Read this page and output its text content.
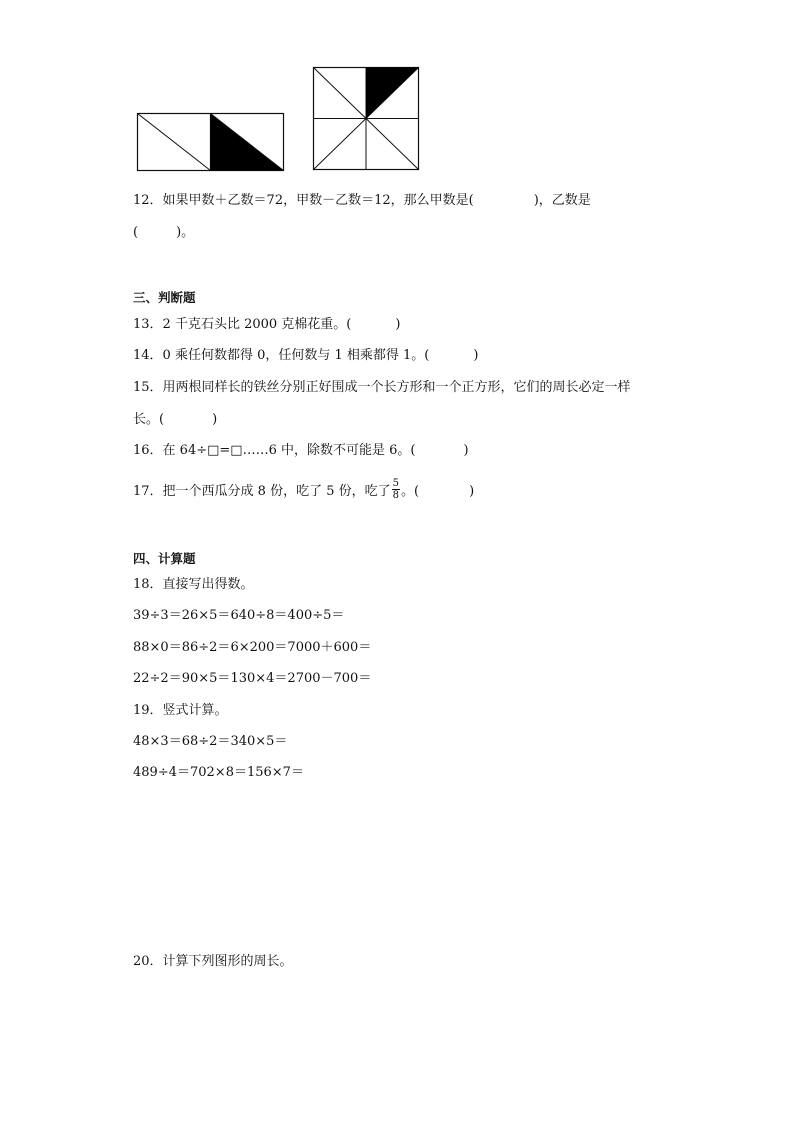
12．如果甲数＋乙数＝72，甲数－乙数＝12，那么甲数是(	)，乙数是
(	)。
三、判断题
13．2 千克石头比 2000 克棉花重。(	)
14．0 乘任何数都得 0，任何数与 1 相乘都得 1。(	)
15．用两根同样长的铁丝分别正好围成一个长方形和一个正方形，它们的周长必定一样
长。(	)
16．在 64÷□=□……6 中，除数不可能是 6。(	)
17．把一个西瓜分成 8 份，吃了 5 份，吃了 $\frac{5}{8}$ 。(	)
四、计算题
18．直接写出得数。
39÷3＝26×5＝640÷8＝400÷5＝
88×0＝86÷2＝6×200＝7000＋600＝
22÷2＝90×5＝130×4＝2700－700＝
19．竖式计算。
48×3＝68÷2＝340×5＝
489÷4＝702×8＝156×7＝
20．计算下列图形的周长。
